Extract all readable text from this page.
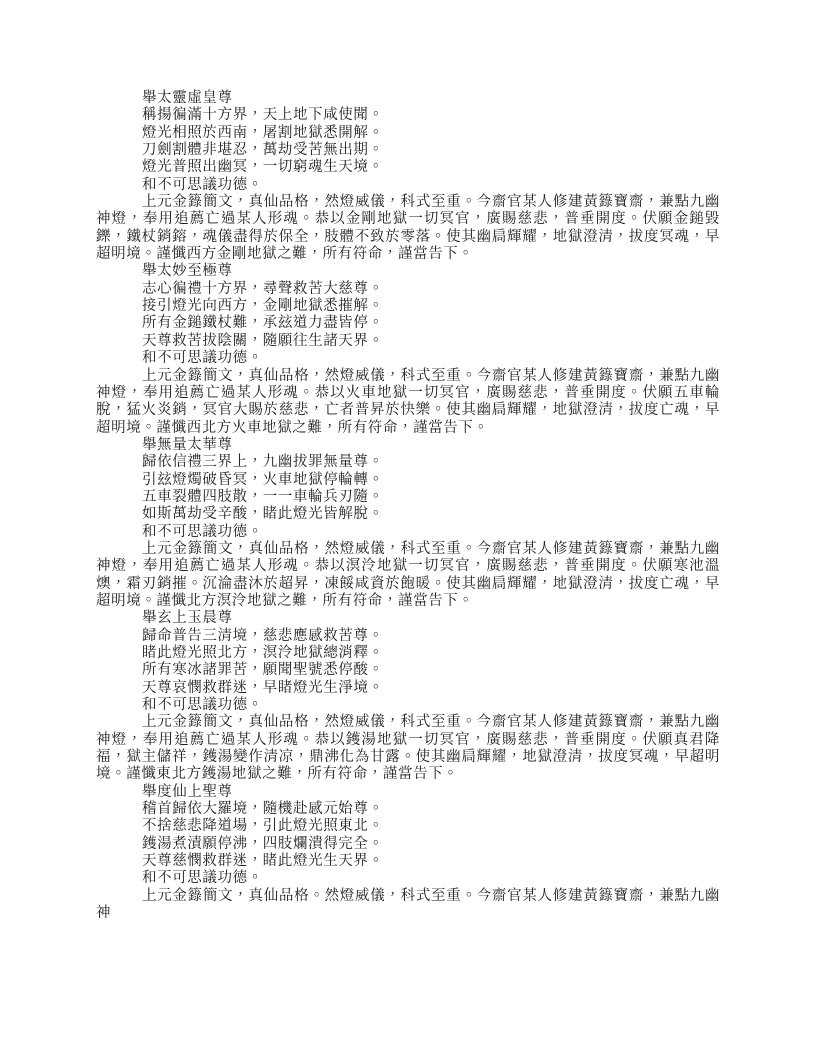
舉太靈虛皇尊

稱揚徧滿十方界，天上地下咸使聞。

燈光相照於西南，屠割地獄悉開解。

刀劍割體非堪忍，萬劫受苦無出期。

燈光普照出幽冥，一切窮魂生天境。

和不可思議功德。

上元金籙簡文，真仙品格，然燈威儀，科式至重。今齋官某人修建黃籙寶齋，兼點九幽神燈，奉用追薦亡過某人形魂。恭以金剛地獄一切冥官，廣賜慈悲，普垂開度。伏願金鎚毀鑠，鐵杖銷鎔，魂儀盡得於保全，肢體不致於零落。使其幽扃輝耀，地獄澄清，拔度冥魂，早超明境。謹懺西方金剛地獄之難，所有符命，謹當告下。

舉太妙至極尊

志心徧禮十方界，尋聲救苦大慈尊。

接引燈光向西方，金剛地獄悉摧解。

所有金鎚鐵杖難，承玆道力盡皆停。

天尊救苦拔陰關，隨願往生諸天界。

和不可思議功德。

上元金籙簡文，真仙品格，然燈威儀，科式至重。今齋官某人修建黃籙寶齋，兼點九幽神燈，奉用追薦亡過某人形魂。恭以火車地獄一切冥官，廣賜慈悲，普垂開度。伏願五車輪脫，猛火炎銷，冥官大賜於慈悲，亡者普昇於快樂。使其幽扃輝耀，地獄澄清，拔度亡魂，早超明境。謹懺西北方火車地獄之難，所有符命，謹當告下。

舉無量太華尊

歸依信禮三界上，九幽拔罪無量尊。

引玆燈燭破昏冥，火車地獄停輪轉。

五車裂體四肢散，一一車輪兵刃隨。

如斯萬劫受辛酸，睹此燈光皆解脫。

和不可思議功德。

上元金籙簡文，真仙品格，然燈威儀，科式至重。今齋官某人修建黃籙寶齋，兼點九幽神燈，奉用追薦亡過某人形魂。恭以溟泠地獄一切冥官，廣賜慈悲，普垂開度。伏願寒池溫燠，霜刃銷摧。沉淪盡沐於超昇，凍餒咸資於飽暖。使其幽扃輝耀，地獄澄清，拔度亡魂，早超明境。謹懺北方溟泠地獄之難，所有符命，謹當告下。

舉玄上玉晨尊

歸命普告三清境，慈悲應感救苦尊。

睹此燈光照北方，溟泠地獄總消釋。

所有寒冰諸罪苦，願聞聖號悉停酸。

天尊哀憫救群迷，早睹燈光生淨境。

和不可思議功德。

上元金籙簡文，真仙品格，然燈威儀，科式至重。今齋官某人修建黃籙寶齋，兼點九幽神燈，奉用追薦亡過某人形魂。恭以鑊湯地獄一切冥官，廣賜慈悲，普垂開度。伏願真君降福，獄主儲祥，鑊湯變作清凉，鼎沸化為甘露。使其幽扃輝耀，地獄澄清，拔度冥魂，早超明境。謹懺東北方鑊湯地獄之難，所有符命，謹當告下。

舉度仙上聖尊

稽首歸依大羅境，隨機赴感元始尊。

不捨慈悲降道場，引此燈光照東北。

鑊湯煮漬願停沸，四肢爛潰得完全。

天尊慈憫救群迷，睹此燈光生天界。

和不可思議功德。

上元金籙簡文，真仙品格。然燈威儀，科式至重。今齋官某人修建黃籙寶齋，兼點九幽神
